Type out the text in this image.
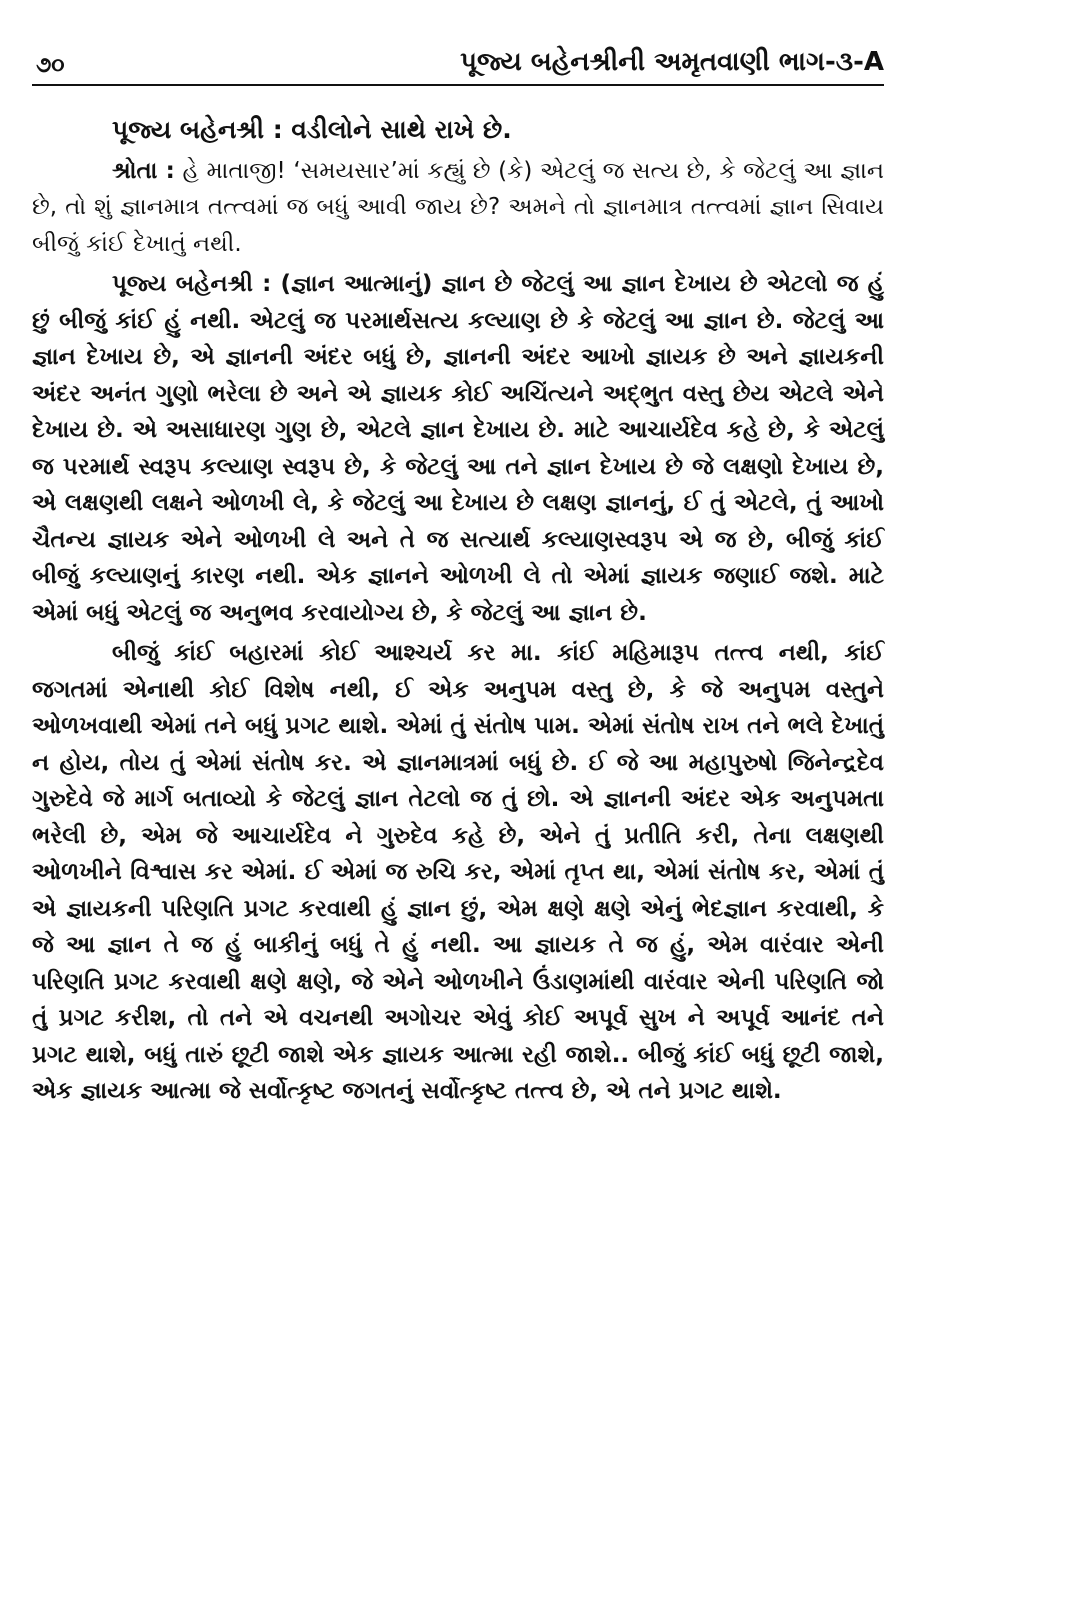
૭૦	પૂજ્ય બહેનશ્રીની અમૃતવાણી ભાગ-૩-A

પૂજ્ય બહેનશ્રી : વડીલોને સાથે રાખે છે.

શ્રોતા : હે માતાજી! ‘સમયસાર’માં કહ્યું છે (કે) એટલું જ સત્ય છે, કે જેટલું આ જ્ઞાન છે, તો શું જ્ઞાનમાત્ર તત્ત્વમાં જ બધું આવી જાય છે? અમને તો જ્ઞાનમાત્ર તત્ત્વમાં જ્ઞાન સિવાય બીજું કાંઈ દેખાતું નથી.

પૂજ્ય બહેનશ્રી : (જ્ઞાન આત્માનું) જ્ઞાન છે જેટલું આ જ્ઞાન દેખાય છે એટલો જ હું છું બીજું કાંઈ હું નથી. એટલું જ પરમાર્થસત્ય કલ્યાણ છે કે જેટલું આ જ્ઞાન છે. જેટલું આ જ્ઞાન દેખાય છે, એ જ્ઞાનની અંદર બધું છે, જ્ઞાનની અંદર આખો જ્ઞાયક છે અને જ્ઞાયકની અંદર અનંત ગુણો ભરેલા છે અને એ જ્ઞાયક કોઈ અચિંત્યને અદ્ભુત વસ્તુ છેય એટલે એને દેખાય છે. એ અસાધારણ ગુણ છે, એટલે જ્ઞાન દેખાય છે. માટે આચાર્યદેવ કહે છે, કે એટલું જ પરમાર્થ સ્વરૂપ કલ્યાણ સ્વરૂપ છે, કે જેટલું આ તને જ્ઞાન દેખાય છે જે લક્ષણો દેખાય છે, એ લક્ષણથી લક્ષને ઓળખી લે, કે જેટલું આ દેખાય છે લક્ષણ જ્ઞાનનું, ઈ તું એટલે, તું આખો ચૈતન્ય જ્ઞાયક એને ઓળખી લે અને તે જ સત્યાર્થ કલ્યાણસ્વરૂપ એ જ છે, બીજું કાંઈ બીજું કલ્યાણનું કારણ નથી. એક જ્ઞાનને ઓળખી લે તો એમાં જ્ઞાયક જણાઈ જશે. માટે એમાં બધું એટલું જ અનુભવ કરવાયોગ્ય છે, કે જેટલું આ જ્ઞાન છે.

બીજું કાંઈ બહારમાં કોઈ આશ્ચર્ય કર મા. કાંઈ મહિમારૂપ તત્ત્વ નથી, કાંઈ જગતમાં એનાથી કોઈ વિશેષ નથી, ઈ એક અનુપમ વસ્તુ છે, કે જે અનુપમ વસ્તુને ઓળખવાથી એમાં તને બધું પ્રગટ થાશે. એમાં તું સંતોષ પામ. એમાં સંતોષ રાખ તને ભલે દેખાતું ન હોય, તોય તું એમાં સંતોષ કર. એ જ્ઞાનમાત્રમાં બધું છે. ઈ જે આ મહાપુરુષો જિનેન્દ્રદેવ ગુરુદેવે જે માર્ગ બતાવ્યો કે જેટલું જ્ઞાન તેટલો જ તું છો. એ જ્ઞાનની અંદર એક અનુપમતા ભરેલી છે, એમ જે આચાર્યદેવ ને ગુરુદેવ કહે છે, એને તું પ્રતીતિ કરી, તેના લક્ષણથી ઓળખીને વિશ્વાસ કર એમાં. ઈ એમાં જ રુચિ કર, એમાં તૃપ્ત થા, એમાં સંતોષ કર, એમાં તું એ જ્ઞાયકની પરિણતિ પ્રગટ કરવાથી હું જ્ઞાન છું, એમ ક્ષણે ક્ષણે એનું ભેદજ્ઞાન કરવાથી, કે જે આ જ્ઞાન તે જ હું બાકીનું બધું તે હું નથી. આ જ્ઞાયક તે જ હું, એમ વારંવાર એની પરિણતિ પ્રગટ કરવાથી ક્ષણે ક્ષણે, જે એને ઓળખીને ઉંડાણમાંથી વારંવાર એની પરિણતિ જો તું પ્રગટ કરીશ, તો તને એ વચનથી અગોચર એવું કોઈ અપૂર્વ સુખ ને અપૂર્વ આનંદ તને પ્રગટ થાશે, બધું તારું છૂટી જાશે એક જ્ઞાયક આત્મા રહી જાશે.. બીજું કાંઈ બધું છૂટી જાશે, એક જ્ઞાયક આત્મા જે સર્વોત્કૃષ્ટ જગતનું સર્વોત્કૃષ્ટ તત્ત્વ છે, એ તને પ્રગટ થાશે.
